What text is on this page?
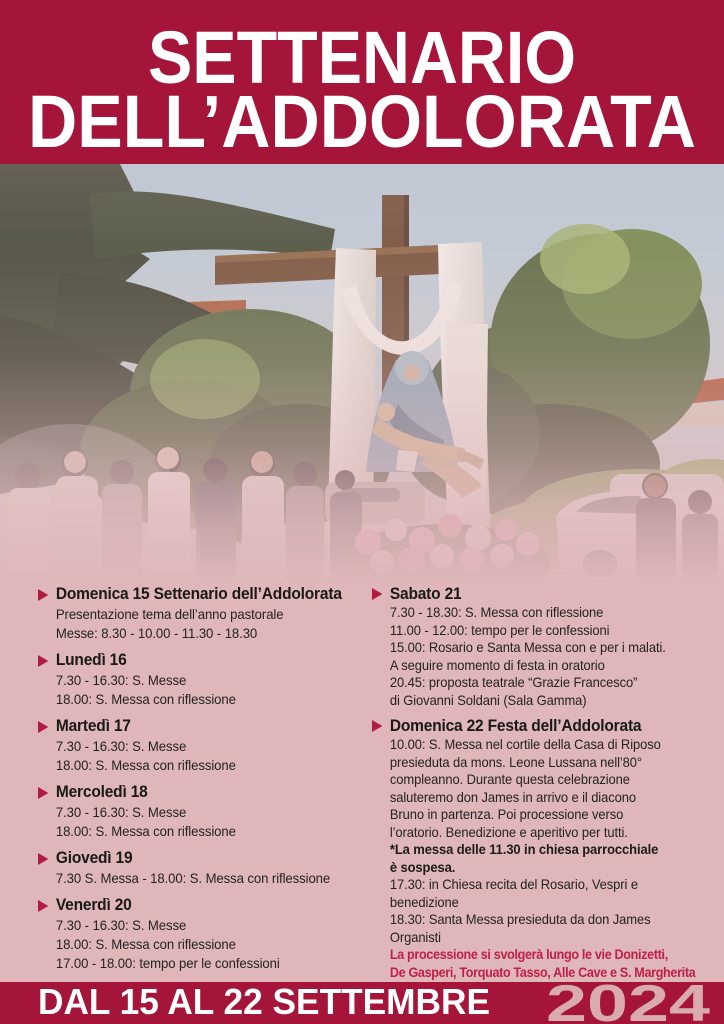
SETTENARIO
DELL’ADDOLORATA
Domenica 15 Settenario dell’Addolorata

Presentazione tema dell’anno pastorale

Messe: 8.30 - 10.00 - 11.30 - 18.30

Lunedì 16

7.30 - 16.30: S. Messe

18.00: S. Messa con riflessione

Martedì 17

7.30 - 16.30: S. Messe

18.00: S. Messa con riflessione

Mercoledì 18

7.30 - 16.30: S. Messe

18.00: S. Messa con riflessione

Giovedì 19

7.30 S. Messa - 18.00: S. Messa con riflessione

Venerdì 20

7.30 - 16.30: S. Messe

18.00: S. Messa con riflessione

17.00 - 18.00: tempo per le confessioni

Sabato 21

7.30 - 18.30: S. Messa con riflessione

11.00 - 12.00: tempo per le confessioni

15.00: Rosario e Santa Messa con e per i malati.

A seguire momento di festa in oratorio

20.45: proposta teatrale “Grazie Francesco”

di Giovanni Soldani (Sala Gamma)

Domenica 22 Festa dell’Addolorata

10.00: S. Messa nel cortile della Casa di Riposo

presieduta da mons. Leone Lussana nell’80°

compleanno. Durante questa celebrazione

saluteremo don James in arrivo e il diacono

Bruno in partenza. Poi processione verso

l’oratorio. Benedizione e aperitivo per tutti.

*La messa delle 11.30 in chiesa parrocchiale

è sospesa.

17.30: in Chiesa recita del Rosario, Vespri e

benedizione

18.30: Santa Messa presieduta da don James

Organisti

La processione si svolgerà lungo le vie Donizetti,

De Gasperi, Torquato Tasso, Alle Cave e S. Margherita

DAL 15 AL 22 SETTEMBRE 2024
